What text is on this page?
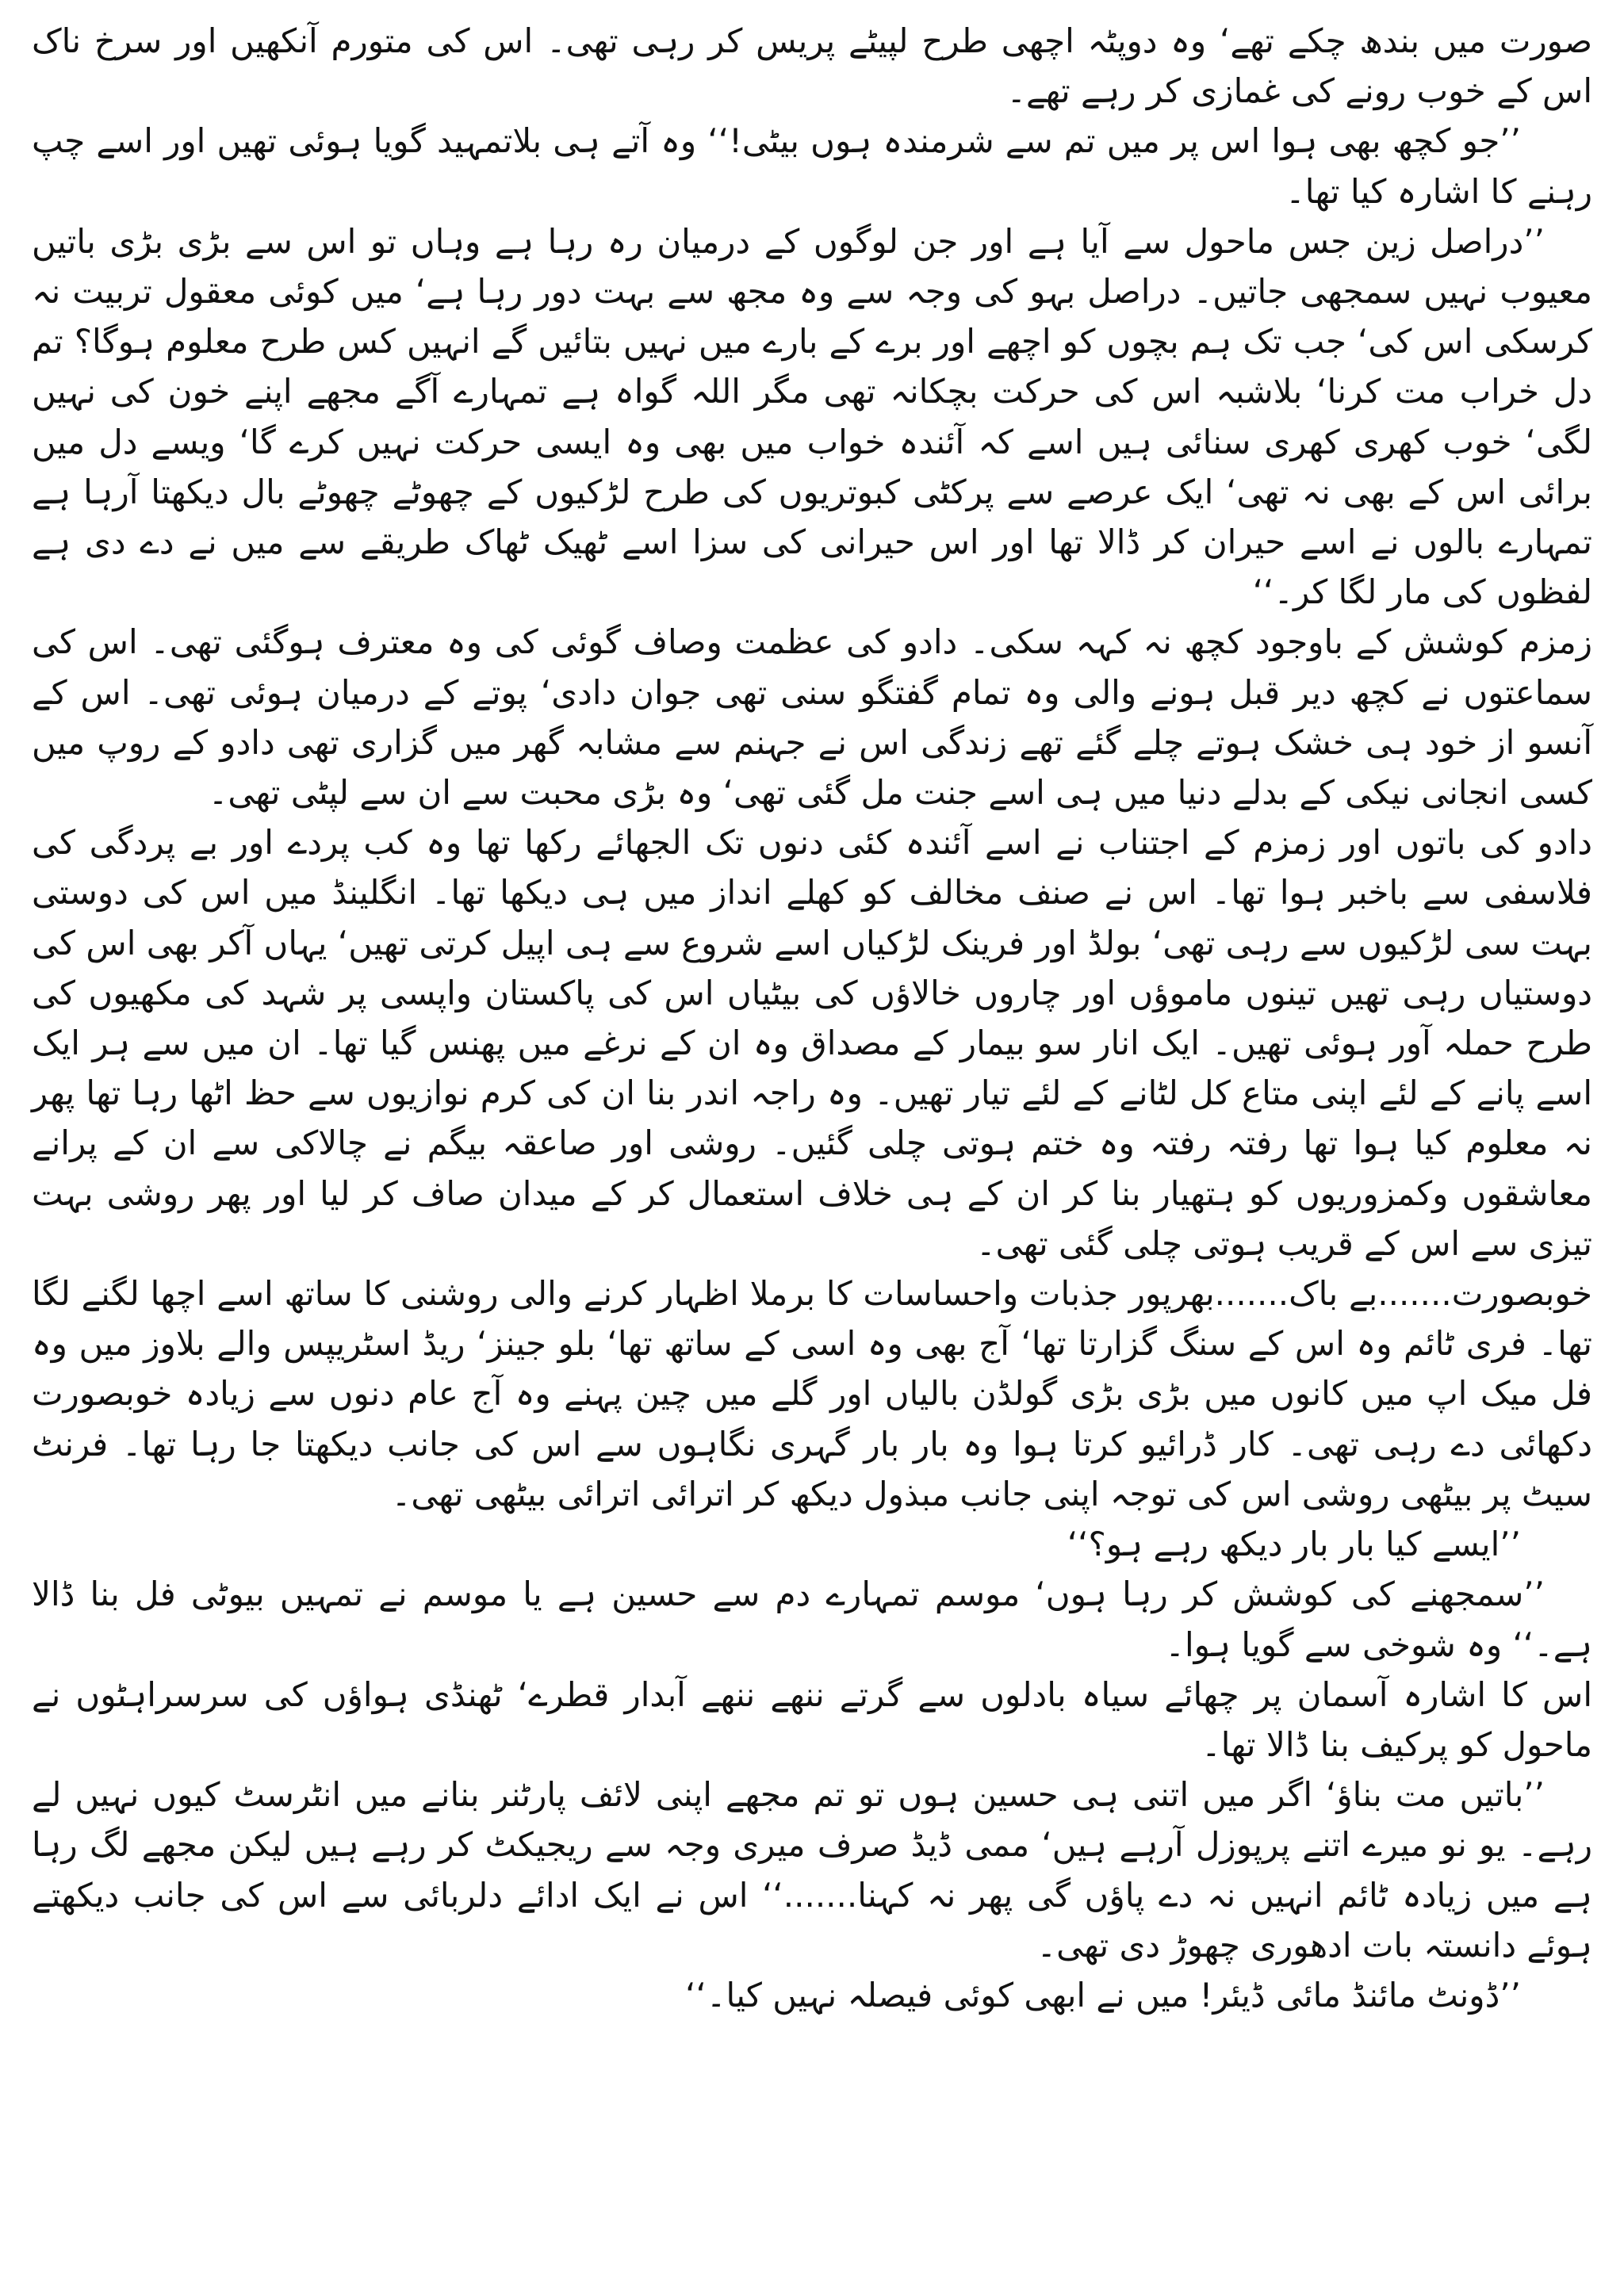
صورت میں بندھ چکے تھے‘ وہ دوپٹہ اچھی طرح لپیٹے پریس کر رہی تھی۔ اس کی متورم آنکھیں اور سرخ ناک اس کے خوب رونے کی غمازی کر رہے تھے۔

’’جو کچھ بھی ہوا اس پر میں تم سے شرمندہ ہوں بیٹی!‘‘ وہ آتے ہی بلاتمہید گویا ہوئی تھیں اور اسے چپ رہنے کا اشارہ کیا تھا۔

’’دراصل زین جس ماحول سے آیا ہے اور جن لوگوں کے درمیان رہ رہا ہے وہاں تو اس سے بڑی بڑی باتیں معیوب نہیں سمجھی جاتیں۔ دراصل بہو کی وجہ سے وہ مجھ سے بہت دور رہا ہے‘ میں کوئی معقول تربیت نہ کرسکی اس کی‘ جب تک ہم بچوں کو اچھے اور برے کے بارے میں نہیں بتائیں گے انہیں کس طرح معلوم ہوگا؟ تم دل خراب مت کرنا‘ بلاشبہ اس کی حرکت بچکانہ تھی مگر اللہ گواہ ہے تمہارے آگے مجھے اپنے خون کی نہیں لگی‘ خوب کھری کھری سنائی ہیں اسے کہ آئندہ خواب میں بھی وہ ایسی حرکت نہیں کرے گا‘ ویسے دل میں برائی اس کے بھی نہ تھی‘ ایک عرصے سے پرکٹی کبوتریوں کی طرح لڑکیوں کے چھوٹے چھوٹے بال دیکھتا آرہا ہے تمہارے بالوں نے اسے حیران کر ڈالا تھا اور اس حیرانی کی سزا اسے ٹھیک ٹھاک طریقے سے میں نے دے دی ہے لفظوں کی مار لگا کر۔‘‘

زمزم کوشش کے باوجود کچھ نہ کہہ سکی۔ دادو کی عظمت وصاف گوئی کی وہ معترف ہوگئی تھی۔ اس کی سماعتوں نے کچھ دیر قبل ہونے والی وہ تمام گفتگو سنی تھی جوان دادی‘ پوتے کے درمیان ہوئی تھی۔ اس کے آنسو از خود ہی خشک ہوتے چلے گئے تھے زندگی اس نے جہنم سے مشابہ گھر میں گزاری تھی دادو کے روپ میں کسی انجانی نیکی کے بدلے دنیا میں ہی اسے جنت مل گئی تھی‘ وہ بڑی محبت سے ان سے لپٹی تھی۔

دادو کی باتوں اور زمزم کے اجتناب نے اسے آئندہ کئی دنوں تک الجھائے رکھا تھا وہ کب پردے اور بے پردگی کی فلاسفی سے باخبر ہوا تھا۔ اس نے صنف مخالف کو کھلے انداز میں ہی دیکھا تھا۔ انگلینڈ میں اس کی دوستی بہت سی لڑکیوں سے رہی تھی‘ بولڈ اور فرینک لڑکیاں اسے شروع سے ہی اپیل کرتی تھیں‘ یہاں آکر بھی اس کی دوستیاں رہی تھیں تینوں ماموؤں اور چاروں خالاؤں کی بیٹیاں اس کی پاکستان واپسی پر شہد کی مکھیوں کی طرح حملہ آور ہوئی تھیں۔ ایک انار سو بیمار کے مصداق وہ ان کے نرغے میں پھنس گیا تھا۔ ان میں سے ہر ایک اسے پانے کے لئے اپنی متاع کل لٹانے کے لئے تیار تھیں۔ وہ راجہ اندر بنا ان کی کرم نوازیوں سے حظ اٹھا رہا تھا پھر نہ معلوم کیا ہوا تھا رفتہ رفتہ وہ ختم ہوتی چلی گئیں۔ روشی اور صاعقہ بیگم نے چالاکی سے ان کے پرانے معاشقوں وکمزوریوں کو ہتھیار بنا کر ان کے ہی خلاف استعمال کر کے میدان صاف کر لیا اور پھر روشی بہت تیزی سے اس کے قریب ہوتی چلی گئی تھی۔

خوبصورت.......بے باک.......بھرپور جذبات واحساسات کا برملا اظہار کرنے والی روشنی کا ساتھ اسے اچھا لگنے لگا تھا۔ فری ٹائم وہ اس کے سنگ گزارتا تھا‘ آج بھی وہ اسی کے ساتھ تھا‘ بلو جینز‘ ریڈ اسٹریپس والے بلاوز میں وہ فل میک اپ میں کانوں میں بڑی بڑی گولڈن بالیاں اور گلے میں چین پہنے وہ آج عام دنوں سے زیادہ خوبصورت دکھائی دے رہی تھی۔ کار ڈرائیو کرتا ہوا وہ بار بار گہری نگاہوں سے اس کی جانب دیکھتا جا رہا تھا۔ فرنٹ سیٹ پر بیٹھی روشی اس کی توجہ اپنی جانب مبذول دیکھ کر اترائی اترائی بیٹھی تھی۔

’’ایسے کیا بار بار دیکھ رہے ہو؟‘‘

’’سمجھنے کی کوشش کر رہا ہوں‘ موسم تمہارے دم سے حسین ہے یا موسم نے تمہیں بیوٹی فل بنا ڈالا ہے۔‘‘ وہ شوخی سے گویا ہوا۔

اس کا اشارہ آسمان پر چھائے سیاہ بادلوں سے گرتے ننھے ننھے آبدار قطرے‘ ٹھنڈی ہواؤں کی سرسراہٹوں نے ماحول کو پرکیف بنا ڈالا تھا۔

’’باتیں مت بناؤ‘ اگر میں اتنی ہی حسین ہوں تو تم مجھے اپنی لائف پارٹنر بنانے میں انٹرسٹ کیوں نہیں لے رہے۔ یو نو میرے اتنے پرپوزل آرہے ہیں‘ ممی ڈیڈ صرف میری وجہ سے ریجیکٹ کر رہے ہیں لیکن مجھے لگ رہا ہے میں زیادہ ٹائم انہیں نہ دے پاؤں گی پھر نہ کہنا.......‘‘ اس نے ایک ادائے دلربائی سے اس کی جانب دیکھتے ہوئے دانستہ بات ادھوری چھوڑ دی تھی۔

’’ڈونٹ مائنڈ مائی ڈیئر! میں نے ابھی کوئی فیصلہ نہیں کیا۔‘‘
